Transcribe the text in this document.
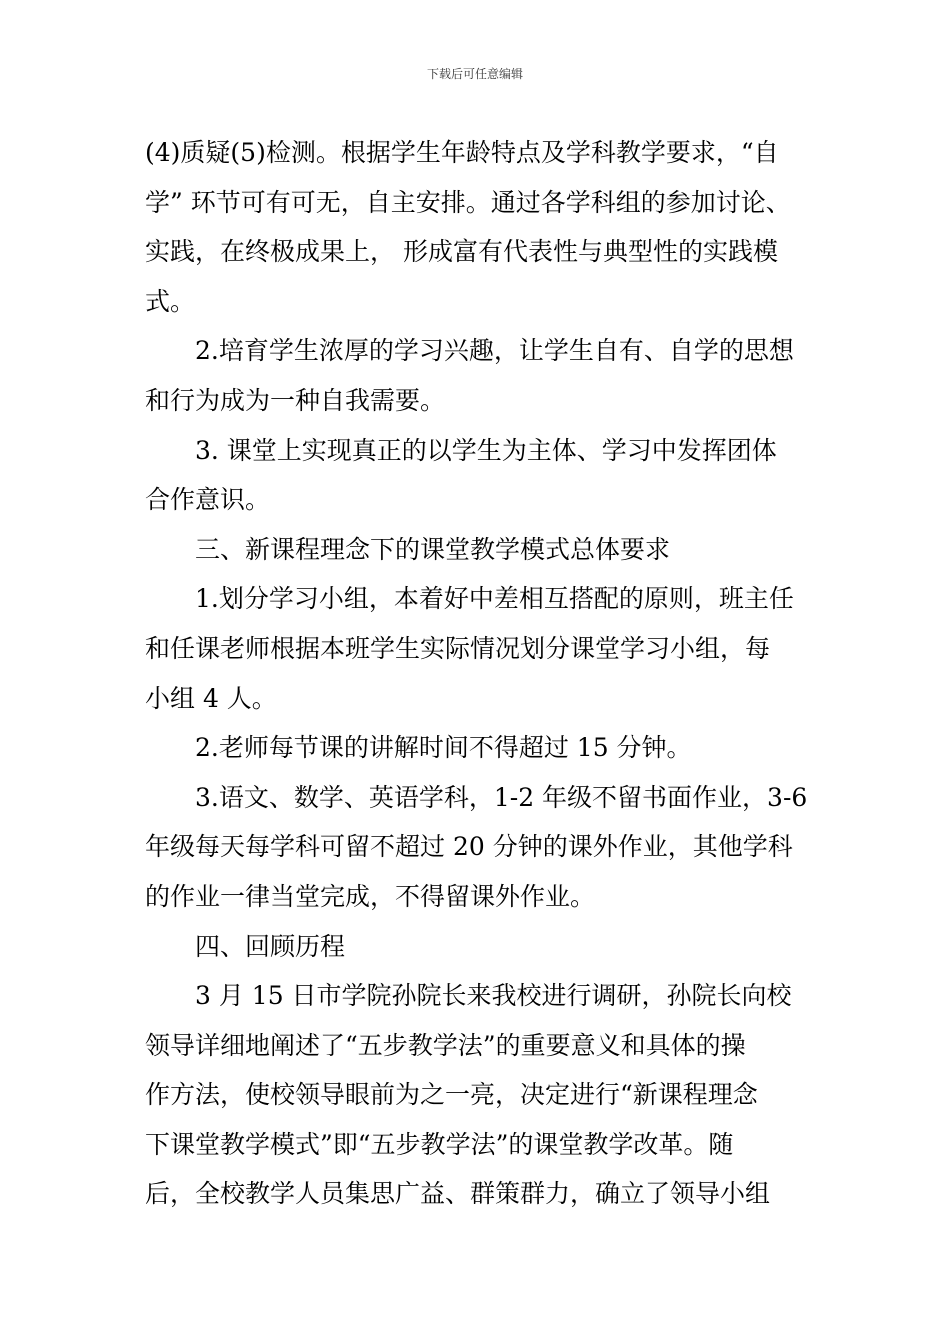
下载后可任意编辑
(4)质疑(5)检测。根据学生年龄特点及学科教学要求，“自
学” 环节可有可无，自主安排。通过各学科组的参加讨论、
实践，在终极成果上， 形成富有代表性与典型性的实践模
式。
2.培育学生浓厚的学习兴趣，让学生自有、自学的思想
和行为成为一种自我需要。
3. 课堂上实现真正的以学生为主体、学习中发挥团体
合作意识。
三、新课程理念下的课堂教学模式总体要求
1.划分学习小组，本着好中差相互搭配的原则，班主任
和任课老师根据本班学生实际情况划分课堂学习小组，每
小组 4 人。
2.老师每节课的讲解时间不得超过 15 分钟。
3.语文、数学、英语学科，1-2 年级不留书面作业，3-6
年级每天每学科可留不超过 20 分钟的课外作业，其他学科
的作业一律当堂完成，不得留课外作业。
四、回顾历程
3 月 15 日市学院孙院长来我校进行调研，孙院长向校
领导详细地阐述了“五步教学法”的重要意义和具体的操
作方法，使校领导眼前为之一亮，决定进行“新课程理念
下课堂教学模式”即“五步教学法”的课堂教学改革。随
后，全校教学人员集思广益、群策群力，确立了领导小组
